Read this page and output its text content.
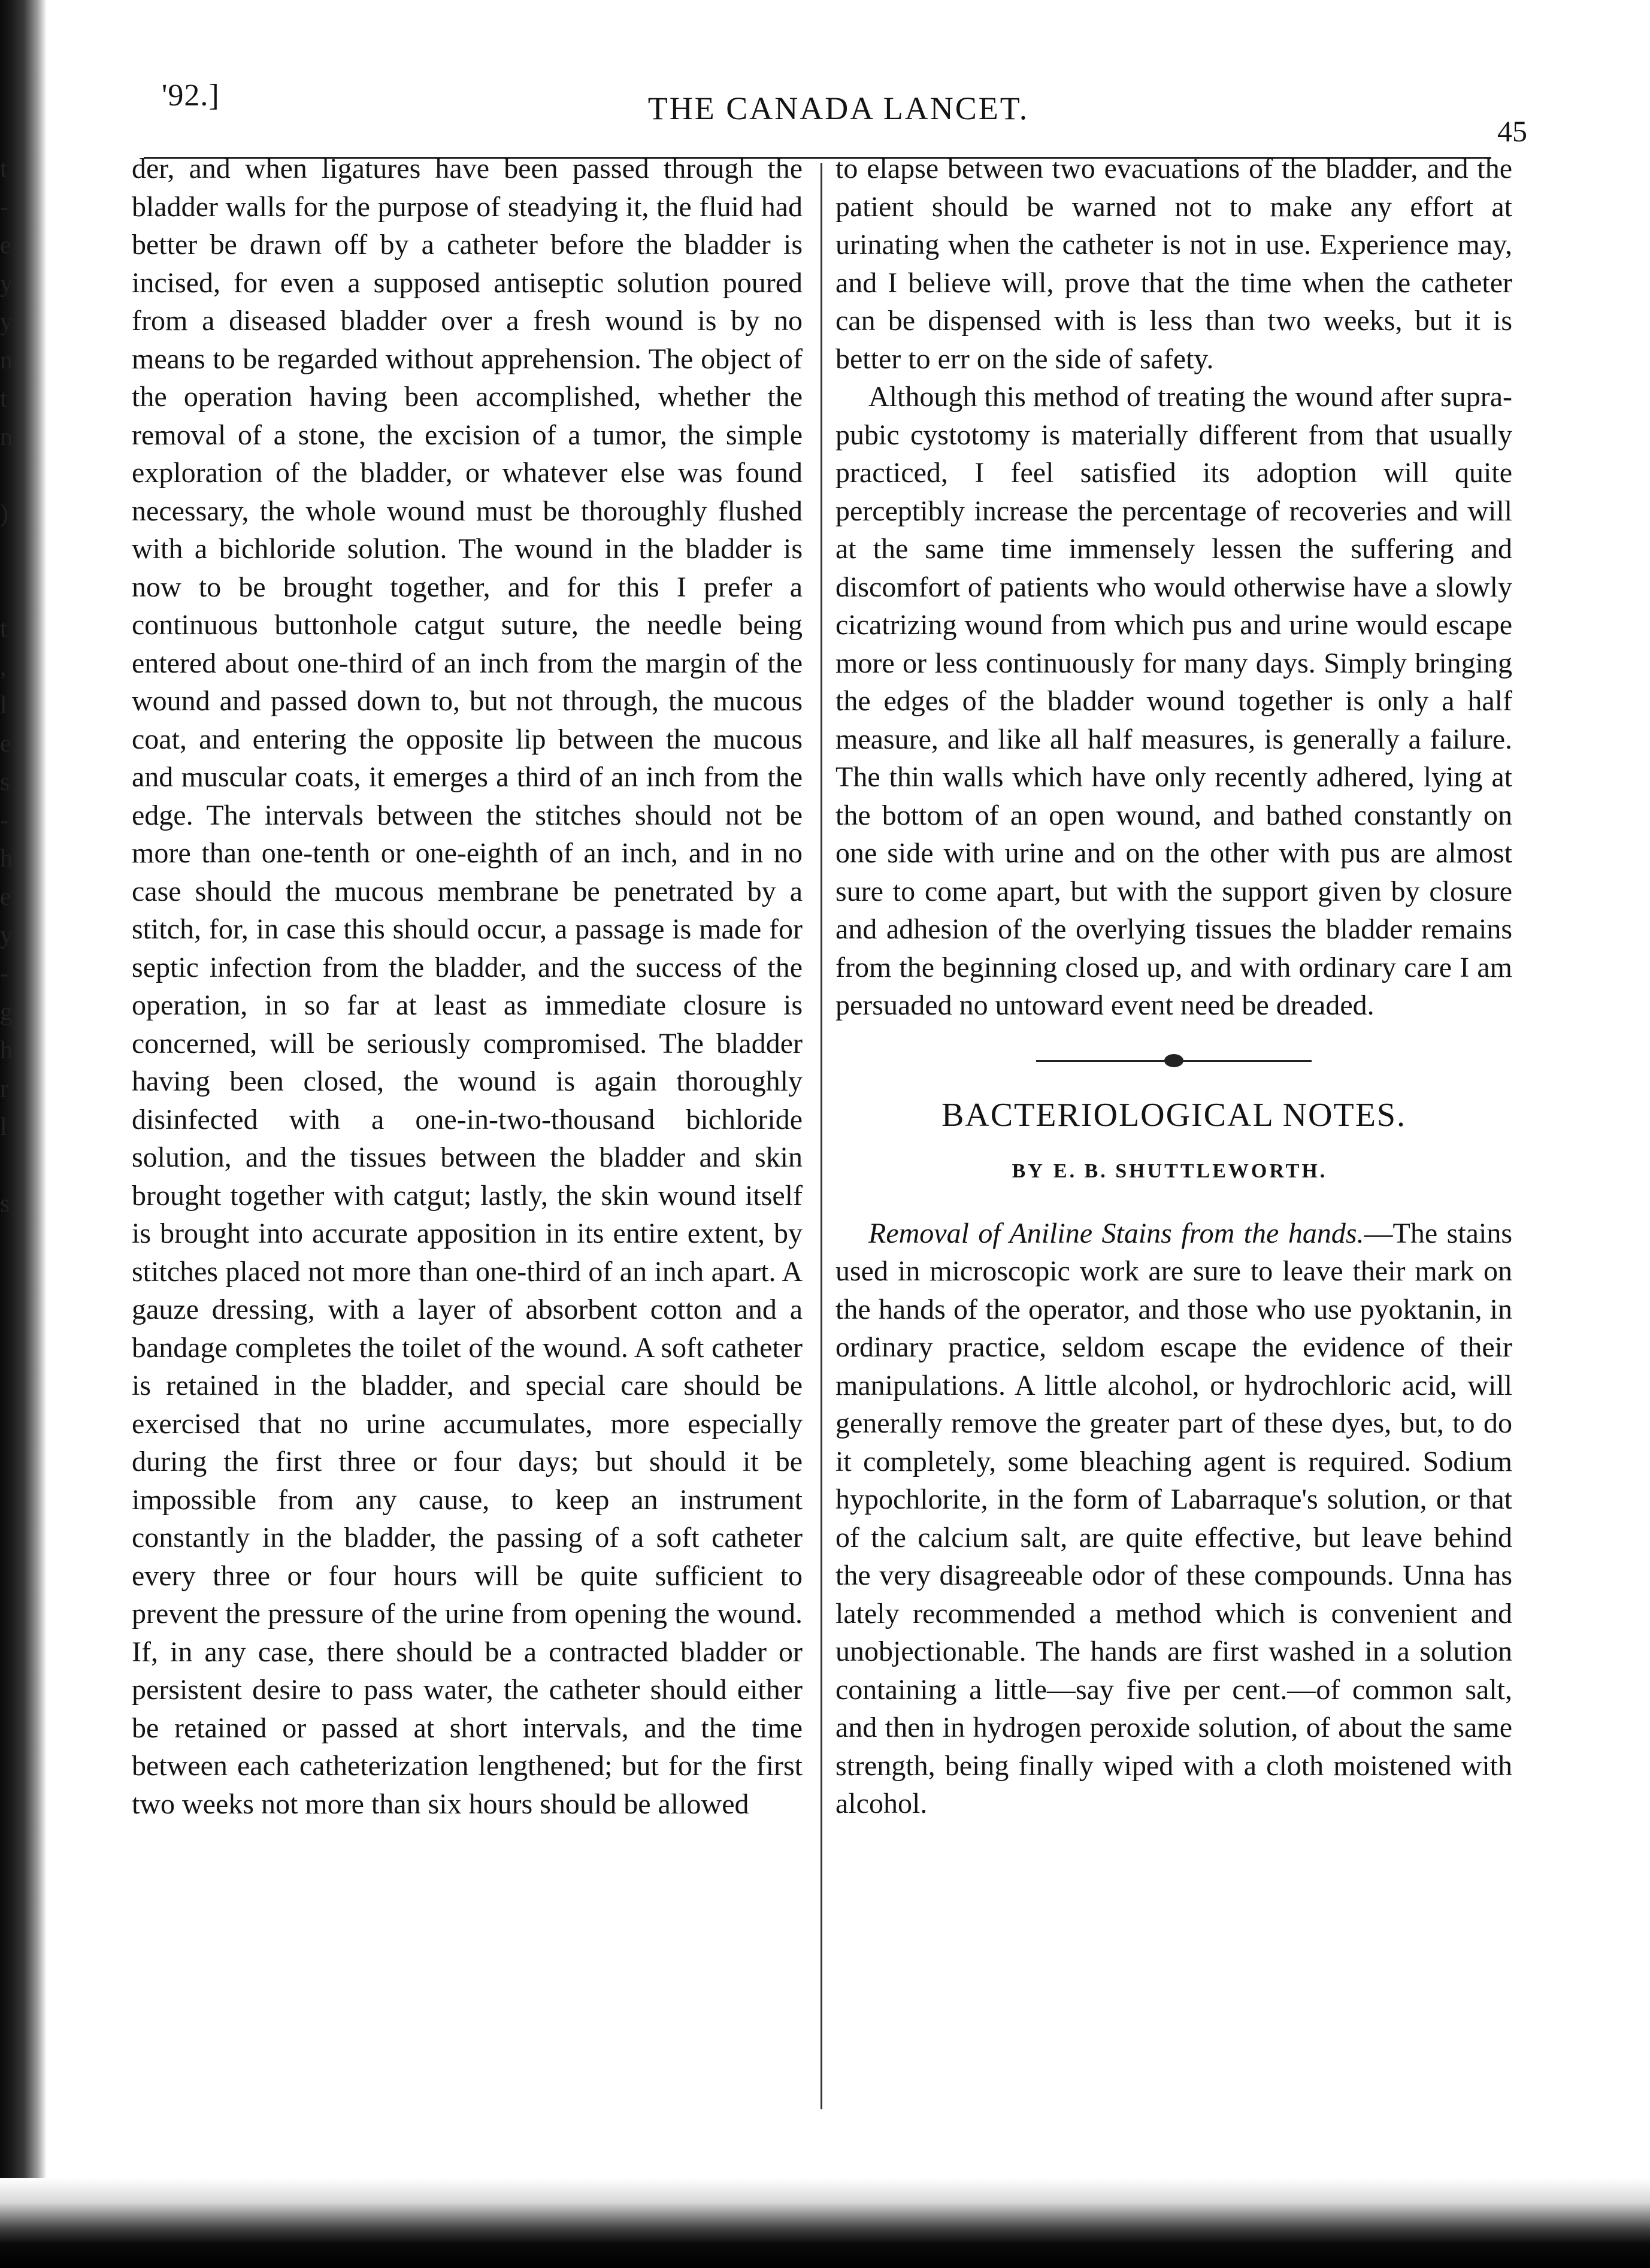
t
-
e
y
y
n
t
n

)

t
,
l
e
s
-
h
e
y
-
g
h
r
l

s
'92.]	THE CANADA LANCET.
45

der, and when ligatures have been passed through the bladder walls for the purpose of steadying it, the fluid had better be drawn off by a catheter before the bladder is incised, for even a supposed antiseptic solution poured from a diseased bladder over a fresh wound is by no means to be regarded without apprehension. The object of the operation having been accomplished, whether the removal of a stone, the excision of a tumor, the simple exploration of the bladder, or whatever else was found necessary, the whole wound must be thoroughly flushed with a bichloride solution. The wound in the bladder is now to be brought together, and for this I prefer a continuous buttonhole catgut suture, the needle being entered about one-third of an inch from the margin of the wound and passed down to, but not through, the mucous coat, and entering the opposite lip between the mucous and muscular coats, it emerges a third of an inch from the edge. The intervals between the stitches should not be more than one-tenth or one-eighth of an inch, and in no case should the mucous membrane be penetrated by a stitch, for, in case this should occur, a passage is made for septic infection from the bladder, and the success of the operation, in so far at least as immediate closure is concerned, will be seriously compromised. The bladder having been closed, the wound is again thoroughly disinfected with a one-in-two-thousand bichloride solution, and the tissues between the bladder and skin brought together with catgut; lastly, the skin wound itself is brought into accurate apposition in its entire extent, by stitches placed not more than one-third of an inch apart. A gauze dressing, with a layer of absorbent cotton and a bandage completes the toilet of the wound. A soft catheter is retained in the bladder, and special care should be exercised that no urine accumulates, more especially during the first three or four days; but should it be impossible from any cause, to keep an instrument constantly in the bladder, the passing of a soft catheter every three or four hours will be quite sufficient to prevent the pressure of the urine from opening the wound. If, in any case, there should be a contracted bladder or persistent desire to pass water, the catheter should either be retained or passed at short intervals, and the time between each catheterization lengthened; but for the first two weeks not more than six hours should be allowed

to elapse between two evacuations of the bladder, and the patient should be warned not to make any effort at urinating when the catheter is not in use. Experience may, and I believe will, prove that the time when the catheter can be dispensed with is less than two weeks, but it is better to err on the side of safety.

Although this method of treating the wound after supra-pubic cystotomy is materially different from that usually practiced, I feel satisfied its adoption will quite perceptibly increase the percentage of recoveries and will at the same time immensely lessen the suffering and discomfort of patients who would otherwise have a slowly cicatrizing wound from which pus and urine would escape more or less continuously for many days. Simply bringing the edges of the bladder wound together is only a half measure, and like all half measures, is generally a failure. The thin walls which have only recently adhered, lying at the bottom of an open wound, and bathed constantly on one side with urine and on the other with pus are almost sure to come apart, but with the support given by closure and adhesion of the overlying tissues the bladder remains from the beginning closed up, and with ordinary care I am persuaded no untoward event need be dreaded.

BACTERIOLOGICAL NOTES.
BY E. B. SHUTTLEWORTH.

Removal of Aniline Stains from the hands.—The stains used in microscopic work are sure to leave their mark on the hands of the operator, and those who use pyoktanin, in ordinary practice, seldom escape the evidence of their manipulations. A little alcohol, or hydrochloric acid, will generally remove the greater part of these dyes, but, to do it completely, some bleaching agent is required. Sodium hypochlorite, in the form of Labarraque's solution, or that of the calcium salt, are quite effective, but leave behind the very disagreeable odor of these compounds. Unna has lately recommended a method which is convenient and unobjectionable. The hands are first washed in a solution containing a little—say five per cent.—of common salt, and then in hydrogen peroxide solution, of about the same strength, being finally wiped with a cloth moistened with alcohol.
